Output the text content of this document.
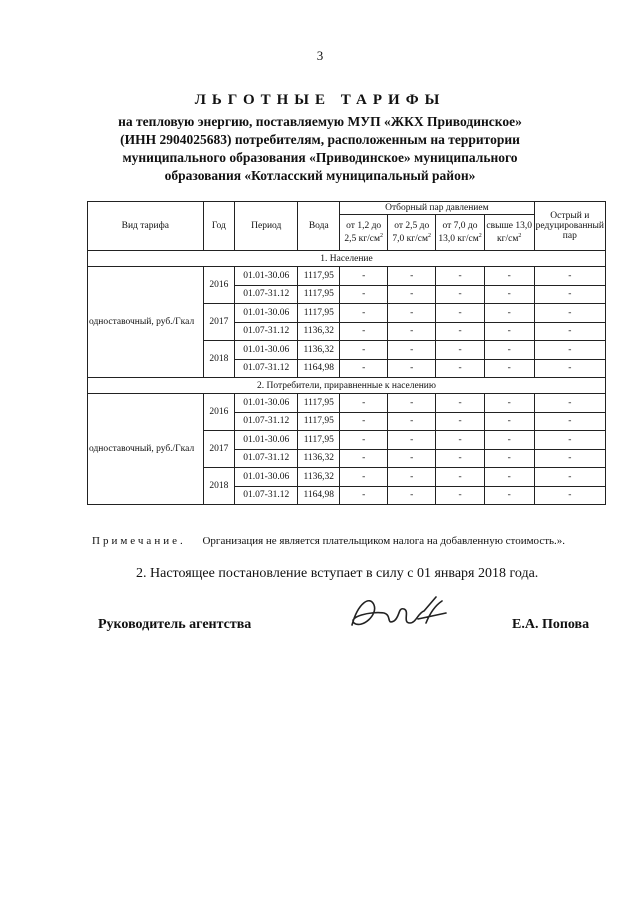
3
ЛЬГОТНЫЕ ТАРИФЫ
на тепловую энергию, поставляемую МУП «ЖКХ Приводинское»
(ИНН 2904025683) потребителям, расположенным на территории
муниципального образования «Приводинское» муниципального
образования «Котласский муниципальный район»
Вид тарифа	Год	Период	Вода	Отборный пар давлением				Острый и редуцированный пар
				от 1,2 до 2,5 $кг/см^2$	от 2,5 до 7,0 $кг/см^2$	от 7,0 до 13,0 $кг/см^2$	свыше 13,0 $кг/см^2$
1. Население								
одноставочный, руб./Гкал	2016	01.01-30.06	1117,95	-	-	-	-	-
		01.07-31.12	1117,95	-	-	-	-	-
	2017	01.01-30.06	1117,95	-	-	-	-	-
		01.07-31.12	1136,32	-	-	-	-	-
	2018	01.01-30.06	1136,32	-	-	-	-	-
		01.07-31.12	1164,98	-	-	-	-	-
2. Потребители, приравненные к населению								
одноставочный, руб./Гкал	2016	01.01-30.06	1117,95	-	-	-	-	-
		01.07-31.12	1117,95	-	-	-	-	-
	2017	01.01-30.06	1117,95	-	-	-	-	-
		01.07-31.12	1136,32	-	-	-	-	-
	2018	01.01-30.06	1136,32	-	-	-	-	-
		01.07-31.12	1164,98	-	-	-	-	-
Примечание. Организация не является плательщиком налога на добавленную стоимость.».
2. Настоящее постановление вступает в силу с 01 января 2018 года.
Руководитель агентства	Е.А. Попова
